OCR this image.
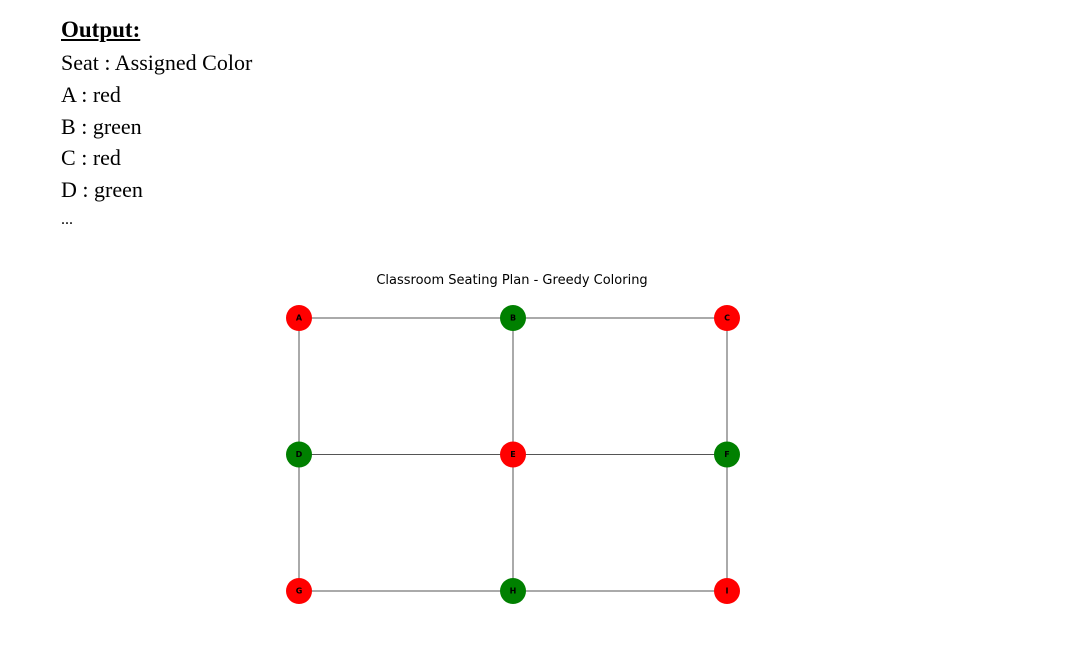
Output:
Seat : Assigned Color
A : red
B : green
C : red
D : green
...
Classroom Seating Plan - Greedy Coloring
A	B	C
D	E	F
G	H	I
